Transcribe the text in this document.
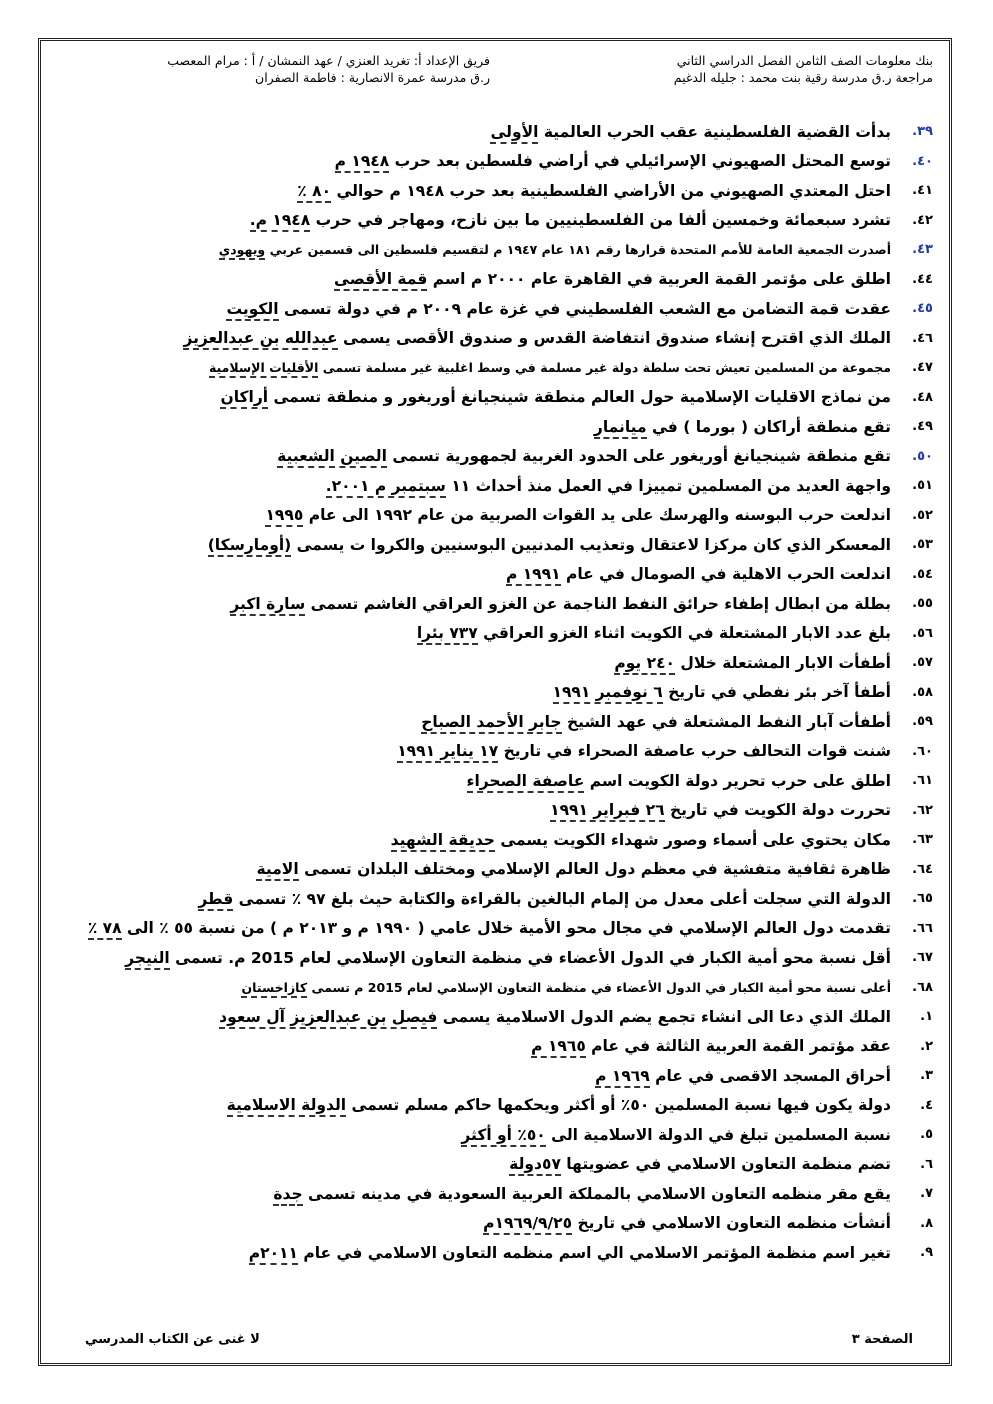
بنك معلومات الصف الثامن الفصل الدراسي الثاني
مراجعة ر.ق مدرسة رقية بنت محمد : جليله الدغيم
فريق الإعداد أ: تغريد العنزي / عهد النمشان / أ : مرام المعصب
ر.ق مدرسة عمرة الانصارية : فاطمة الصفران
٣٩.
بدأت القضية الفلسطينية عقب الحرب العالمية الأولى
٤٠.
توسع المحتل الصهيوني الإسرائيلي في أراضي فلسطين بعد حرب ١٩٤٨ م
٤١.
احتل المعتدي الصهيوني من الأراضي الفلسطينية بعد حرب ١٩٤٨ م حوالي ٨٠ ٪
٤٢.
تشرد سبعمائة وخمسين ألفا من الفلسطينيين ما بين نازح، ومهاجر في حرب ١٩٤٨ م.
٤٣.
أصدرت الجمعية العامة للأمم المتحدة قرارها رقم ١٨١ عام ١٩٤٧ م لتقسيم فلسطين الى قسمين عربي ويهودي
٤٤.
اطلق على مؤتمر القمة العربية في القاهرة عام ٢٠٠٠ م اسم قمة الأقصى
٤٥.
عقدت قمة التضامن مع الشعب الفلسطيني في غزة عام ٢٠٠٩ م في دولة تسمى الكويت
٤٦.
الملك الذي اقترح إنشاء صندوق انتفاضة القدس و صندوق الأقصى يسمى عبدالله بن عبدالعزيز
٤٧.
مجموعة من المسلمين تعيش تحت سلطة دولة غير مسلمة في وسط اغلبية غير مسلمة تسمى الأقليات الإسلامية
٤٨.
من نماذج الاقليات الإسلامية حول العالم منطقة شينجيانغ أوريغور و منطقة تسمى أراكان
٤٩.
تقع منطقة أراكان ( بورما ) في ميانمار
٥٠.
تقع منطقة شينجيانغ أوريغور على الحدود الغربية لجمهورية تسمى الصين الشعبية
٥١.
واجهة العديد من المسلمين تمييزا في العمل منذ أحداث ١١ سبتمبر م ٢٠٠١.
٥٢.
اندلعت حرب البوسنه والهرسك على يد القوات الصربية من عام ١٩٩٢ الى عام ١٩٩٥
٥٣.
المعسكر الذي كان مركزا لاعتقال وتعذيب المدنيين البوسنيين والكروا ت يسمى (أومارسكا)
٥٤.
اندلعت الحرب الاهلية في الصومال في عام ١٩٩١ م
٥٥.
بطلة من ابطال إطفاء حرائق النفط الناجمة عن الغزو العراقي الغاشم تسمى سارة اكبر
٥٦.
بلغ عدد الابار المشتعلة في الكويت اثناء الغزو العراقي ٧٣٧ بئرا
٥٧.
أطفأت الابار المشتعلة خلال ٢٤٠ يوم
٥٨.
أطفأ آخر بئر نفطي في تاريخ ٦ نوفمبر ١٩٩١
٥٩.
أطفأت آبار النفط المشتعلة في عهد الشيخ جابر الأحمد الصباح
٦٠.
شنت قوات التحالف حرب عاصفة الصحراء في تاريخ ١٧ يناير ١٩٩١
٦١.
اطلق على حرب تحرير دولة الكويت اسم عاصفة الصحراء
٦٢.
تحررت دولة الكويت في تاريخ ٢٦ فبراير ١٩٩١
٦٣.
مكان يحتوي على أسماء وصور شهداء الكويت يسمى حديقة الشهيد
٦٤.
ظاهرة ثقافية متفشية في معظم دول العالم الإسلامي ومختلف البلدان تسمى الامية
٦٥.
الدولة التي سجلت أعلى معدل من إلمام البالغين بالقراءة والكتابة حيث بلغ ٩٧ ٪ تسمى قطر
٦٦.
تقدمت دول العالم الإسلامي في مجال محو الأمية خلال عامي ( ١٩٩٠ م و ٢٠١٣ م ) من نسبة ٥٥ ٪ الى ٧٨ ٪
٦٧.
أقل نسبة محو أمية الكبار في الدول الأعضاء في منظمة التعاون الإسلامي لعام 2015 م. تسمى النيجر
٦٨.
أعلى نسبة محو أمية الكبار في الدول الأعضاء في منظمة التعاون الإسلامي لعام 2015 م تسمى كازاخستان
١.
الملك الذي دعا الى انشاء تجمع يضم الدول الاسلامية يسمى فيصل بن عبدالعزيز آل سعود
٢.
عقد مؤتمر القمة العربية الثالثة في عام ١٩٦٥ م
٣.
أحراق المسجد الاقصى في عام ١٩٦٩ م
٤.
دولة يكون فيها نسبة المسلمين ٥٠٪ أو أكثر ويحكمها حاكم مسلم تسمى الدولة الاسلامية
٥.
نسبة المسلمين تبلغ في الدولة الاسلامية الى ٥٠٪ أو أكثر
٦.
تضم منظمة التعاون الاسلامي في عضويتها ٥٧دولة
٧.
يقع مقر منظمه التعاون الاسلامي بالمملكة العربية السعودية في مدينه تسمى جدة
٨.
أنشأت منظمه التعاون الاسلامي في تاريخ ١٩٦٩/٩/٢٥م
٩.
تغير اسم منظمة المؤتمر الاسلامي الي اسم منظمه التعاون الاسلامي في عام ٢٠١١م
الصفحة ٣
لا غنى عن الكتاب المدرسي
